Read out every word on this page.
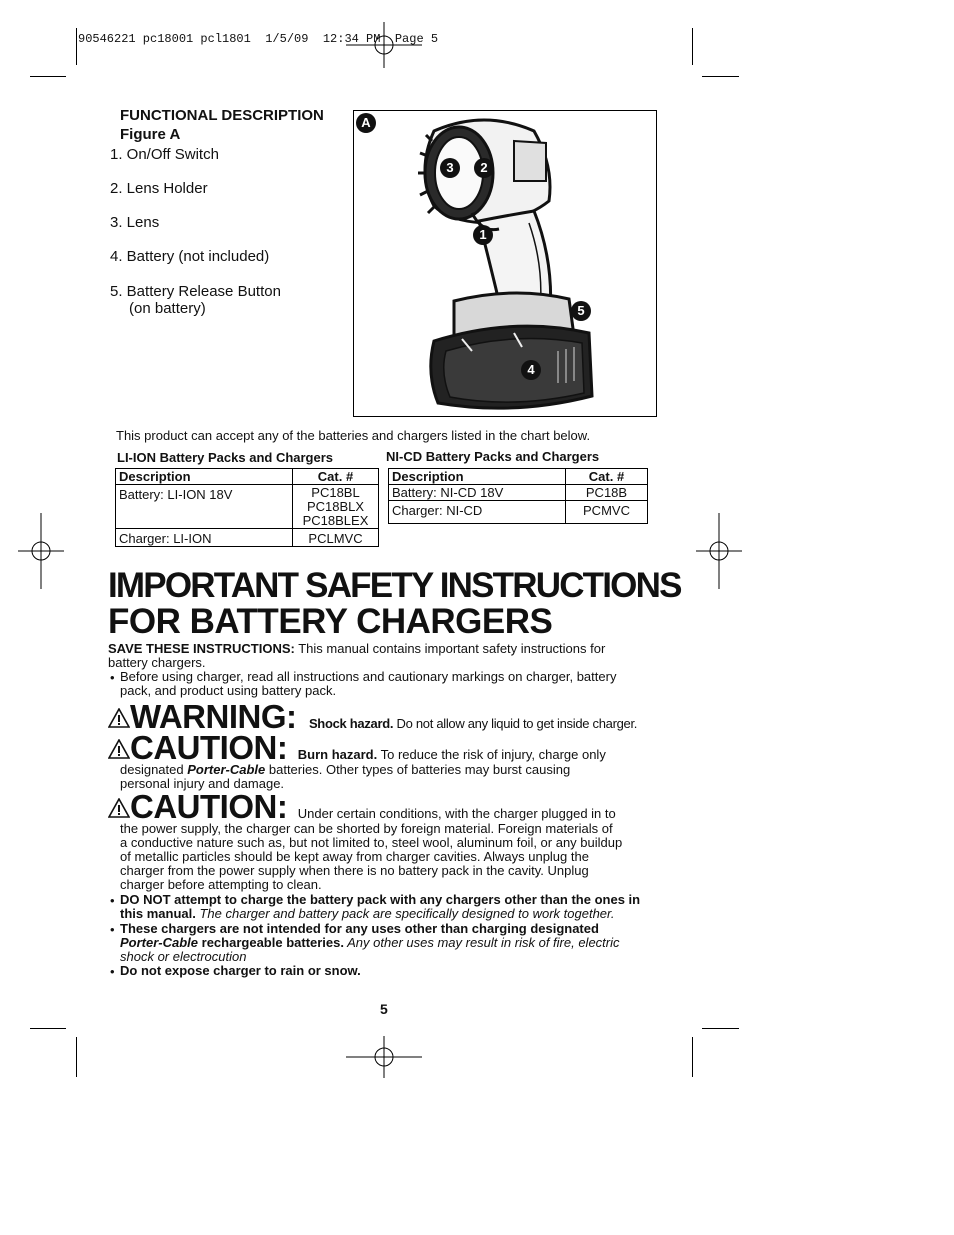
90546221 pc18001 pcl1801  1/5/09  12:34 PM  Page 5
FUNCTIONAL DESCRIPTION
Figure A
1. On/Off Switch
2. Lens Holder
3. Lens
4. Battery (not included)
5. Battery Release Button
(on battery)
A
1
2
3
4
5
This product can accept any of the batteries and chargers listed in the chart below.
LI-ION Battery Packs and Chargers
Description	Cat. #
Battery: LI-ION 18V	PC18BL
PC18BLX
PC18BLEX

Charger: LI-ION	PCLMVC
NI-CD Battery Packs and Chargers
Description	Cat. #
Battery: NI-CD 18V	PC18B
Charger: NI-CD	PCMVC
IMPORTANT SAFETY INSTRUCTIONS
FOR BATTERY CHARGERS
SAVE THESE INSTRUCTIONS: This manual contains important safety instructions for
battery chargers.
• Before using charger, read all instructions and cautionary markings on charger, battery
pack, and product using battery pack.
WARNING: Shock hazard. Do not allow any liquid to get inside charger.
CAUTION: Burn hazard. To reduce the risk of injury, charge only
designated Porter-Cable batteries. Other types of batteries may burst causing
personal injury and damage.
CAUTION: Under certain conditions, with the charger plugged in to
the power supply, the charger can be shorted by foreign material. Foreign materials of
a conductive nature such as, but not limited to, steel wool, aluminum foil, or any buildup
of metallic particles should be kept away from charger cavities. Always unplug the
charger from the power supply when there is no battery pack in the cavity. Unplug
charger before attempting to clean.
• DO NOT attempt to charge the battery pack with any chargers other than the ones in
this manual. The charger and battery pack are specifically designed to work together.
• These chargers are not intended for any uses other than charging designated
Porter-Cable rechargeable batteries. Any other uses may result in risk of fire, electric
shock or electrocution
• Do not expose charger to rain or snow.
5
